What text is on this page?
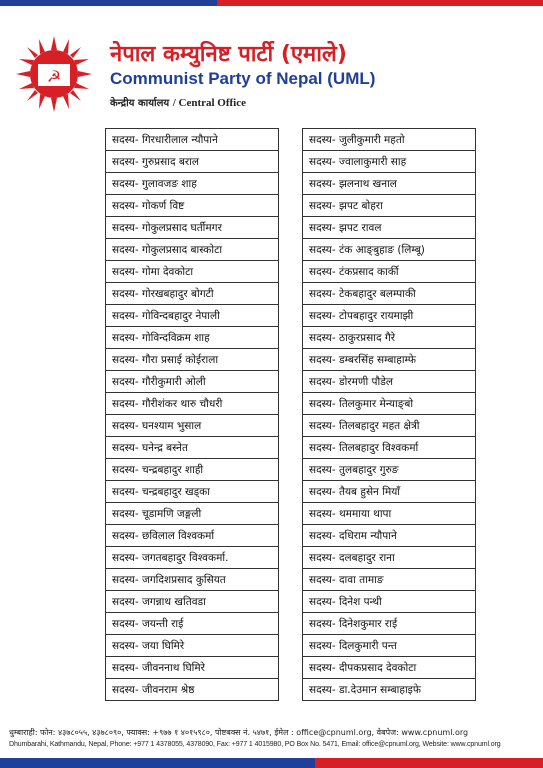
☭
नेपाल कम्युनिष्ट पार्टी (एमाले)
Communist Party of Nepal (UML)
केन्द्रीय कार्यालय / Central Office
सदस्य- गिरधारीलाल न्यौपाने
सदस्य- गुरुप्रसाद बराल
सदस्य- गुलावजङ शाह
सदस्य- गोकर्ण विष्ट
सदस्य- गोकुलप्रसाद घर्तीमगर
सदस्य- गोकुलप्रसाद बास्कोटा
सदस्य- गोमा देवकोटा
सदस्य- गोरखबहादुर बोगटी
सदस्य- गोविन्दबहादुर नेपाली
सदस्य- गोविन्दविक्रम शाह
सदस्य- गौरा प्रसाई कोईराला
सदस्य- गौरीकुमारी ओली
सदस्य- गौरीशंकर थारु चौधरी
सदस्य- घनश्याम भुसाल
सदस्य- घनेन्द्र बस्नेत
सदस्य- चन्द्रबहादुर शाही
सदस्य- चन्द्रबहादुर खड्का
सदस्य- चूडामणि जङ्गली
सदस्य- छविलाल विश्वकर्मा
सदस्य- जगतबहादुर विश्वकर्मा.
सदस्य- जगदिशप्रसाद कुसियत
सदस्य- जगन्नाथ खतिवडा
सदस्य- जयन्ती राई
सदस्य- जया घिमिरे
सदस्य- जीवननाथ घिमिरे
सदस्य- जीवनराम श्रेष्ठ
सदस्य- जुलीकुमारी महतो
सदस्य- ज्वालाकुमारी साह
सदस्य- झलनाथ खनाल
सदस्य- झपट बोहरा
सदस्य- झपट रावल
सदस्य- टंक आङ्बुहाङ (लिम्बू)
सदस्य- टंकप्रसाद कार्की
सदस्य- टेकबहादुर बलम्पाकी
सदस्य- टोपबहादुर रायमाझी
सदस्य- ठाकुरप्रसाद गैरे
सदस्य- डम्बरसिंह सम्बाहाम्फे
सदस्य- डोरमणी पौडेल
सदस्य- तिलकुमार मेन्याङ्बो
सदस्य- तिलबहादुर महत क्षेत्री
सदस्य- तिलबहादुर विश्वकर्मा
सदस्य- तुलबहादुर गुरुङ
सदस्य- तैयब हुसेन मियाँ
सदस्य- थममाया थापा
सदस्य- दधिराम न्यौपाने
सदस्य- दलबहादुर राना
सदस्य- दावा तामाङ
सदस्य- दिनेश पन्थी
सदस्य- दिनेशकुमार राई
सदस्य- दिलकुमारी पन्त
सदस्य- दीपकप्रसाद देवकोटा
सदस्य- डा.देउमान सम्बाहाइफे
धुम्बाराही: फोन: ४३७८०५५, ४३७८०९०, फ्याक्स: +९७७ १ ४०१५९८०, पोष्टबक्स नं. ५४७१, ईमेल : office@cpnuml.org, वेबपेज: www.cpnuml.org
Dhumbarahi, Kathmandu, Nepal, Phone: +977 1 4378055, 4378090, Fax: +977 1 4015980, PO Box No. 5471, Email: office@cpnuml.org, Website: www.cpnuml.org
